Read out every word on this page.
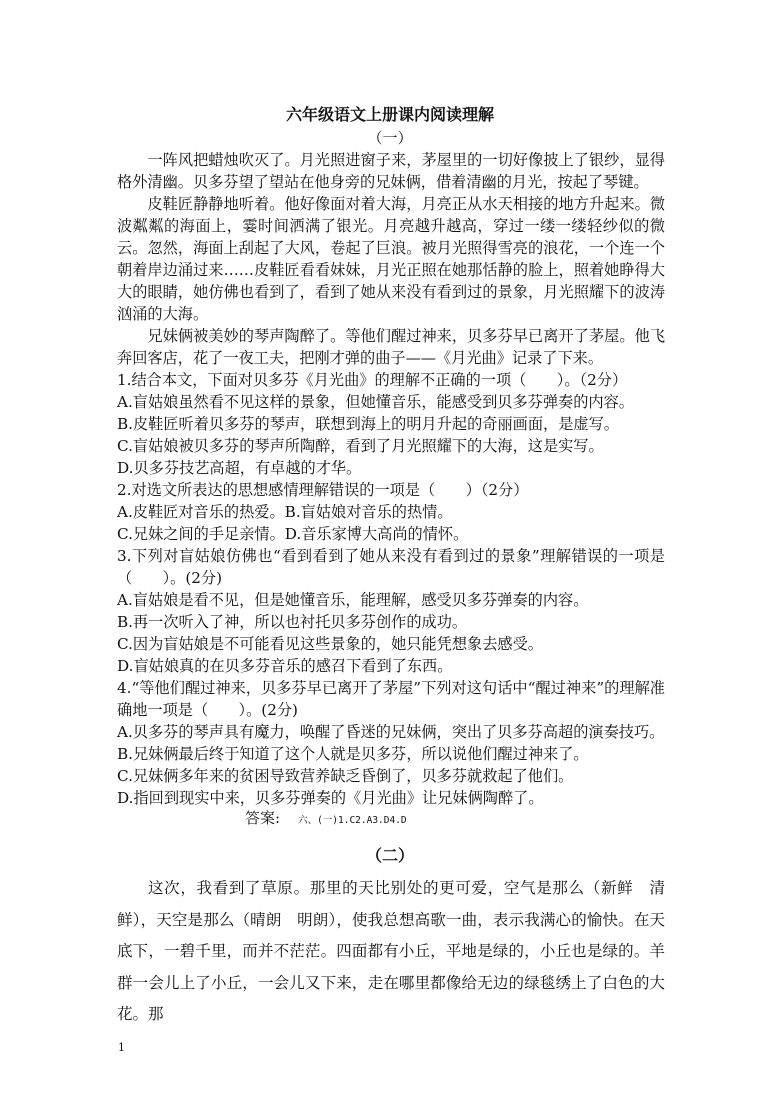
六年级语文上册课内阅读理解
（一）

一阵风把蜡烛吹灭了。月光照进窗子来，茅屋里的一切好像披上了银纱，显得格外清幽。贝多芬望了望站在他身旁的兄妹俩，借着清幽的月光，按起了琴键。

皮鞋匠静静地听着。他好像面对着大海，月亮正从水天相接的地方升起来。微波粼粼的海面上，霎时间洒满了银光。月亮越升越高，穿过一缕一缕轻纱似的微云。忽然，海面上刮起了大风，卷起了巨浪。被月光照得雪亮的浪花，一个连一个朝着岸边涌过来……皮鞋匠看看妹妹，月光正照在她那恬静的脸上，照着她睁得大大的眼睛，她仿佛也看到了，看到了她从来没有看到过的景象，月光照耀下的波涛汹涌的大海。

兄妹俩被美妙的琴声陶醉了。等他们醒过神来，贝多芬早已离开了茅屋。他飞奔回客店，花了一夜工夫，把刚才弹的曲子——《月光曲》记录了下来。

1.结合本文，下面对贝多芬《月光曲》的理解不正确的一项（　　）。（2分）

A.盲姑娘虽然看不见这样的景象，但她懂音乐，能感受到贝多芬弹奏的内容。

B.皮鞋匠听着贝多芬的琴声，联想到海上的明月升起的奇丽画面，是虚写。

C.盲姑娘被贝多芬的琴声所陶醉，看到了月光照耀下的大海，这是实写。

D.贝多芬技艺高超，有卓越的才华。

2.对选文所表达的思想感情理解错误的一项是（　　）（2分）

A.皮鞋匠对音乐的热爱。B.盲姑娘对音乐的热情。

C.兄妹之间的手足亲情。D.音乐家博大高尚的情怀。

3.下列对盲姑娘仿佛也“看到看到了她从来没有看到过的景象”理解错误的一项是（　　）。(2分)

A.盲姑娘是看不见，但是她懂音乐，能理解，感受贝多芬弹奏的内容。

B.再一次听入了神，所以也衬托贝多芬创作的成功。

C.因为盲姑娘是不可能看见这些景象的，她只能凭想象去感受。

D.盲姑娘真的在贝多芬音乐的感召下看到了东西。

4.“等他们醒过神来，贝多芬早已离开了茅屋”下列对这句话中“醒过神来”的理解准确地一项是（　　）。(2分)

A.贝多芬的琴声具有魔力，唤醒了昏迷的兄妹俩，突出了贝多芬高超的演奏技巧。

B.兄妹俩最后终于知道了这个人就是贝多芬，所以说他们醒过神来了。

C.兄妹俩多年来的贫困导致营养缺乏昏倒了，贝多芬就救起了他们。

D.指回到现实中来，贝多芬弹奏的《月光曲》让兄妹俩陶醉了。

答案: 六、(一)1.C2.A3.D4.D
（二）

这次，我看到了草原。那里的天比别处的更可爱，空气是那么（新鲜　清鲜），天空是那么（晴朗　明朗），使我总想高歌一曲，表示我满心的愉快。在天底下，一碧千里，而并不茫茫。四面都有小丘，平地是绿的，小丘也是绿的。羊群一会儿上了小丘，一会儿又下来，走在哪里都像给无边的绿毯绣上了白色的大花。那

1
